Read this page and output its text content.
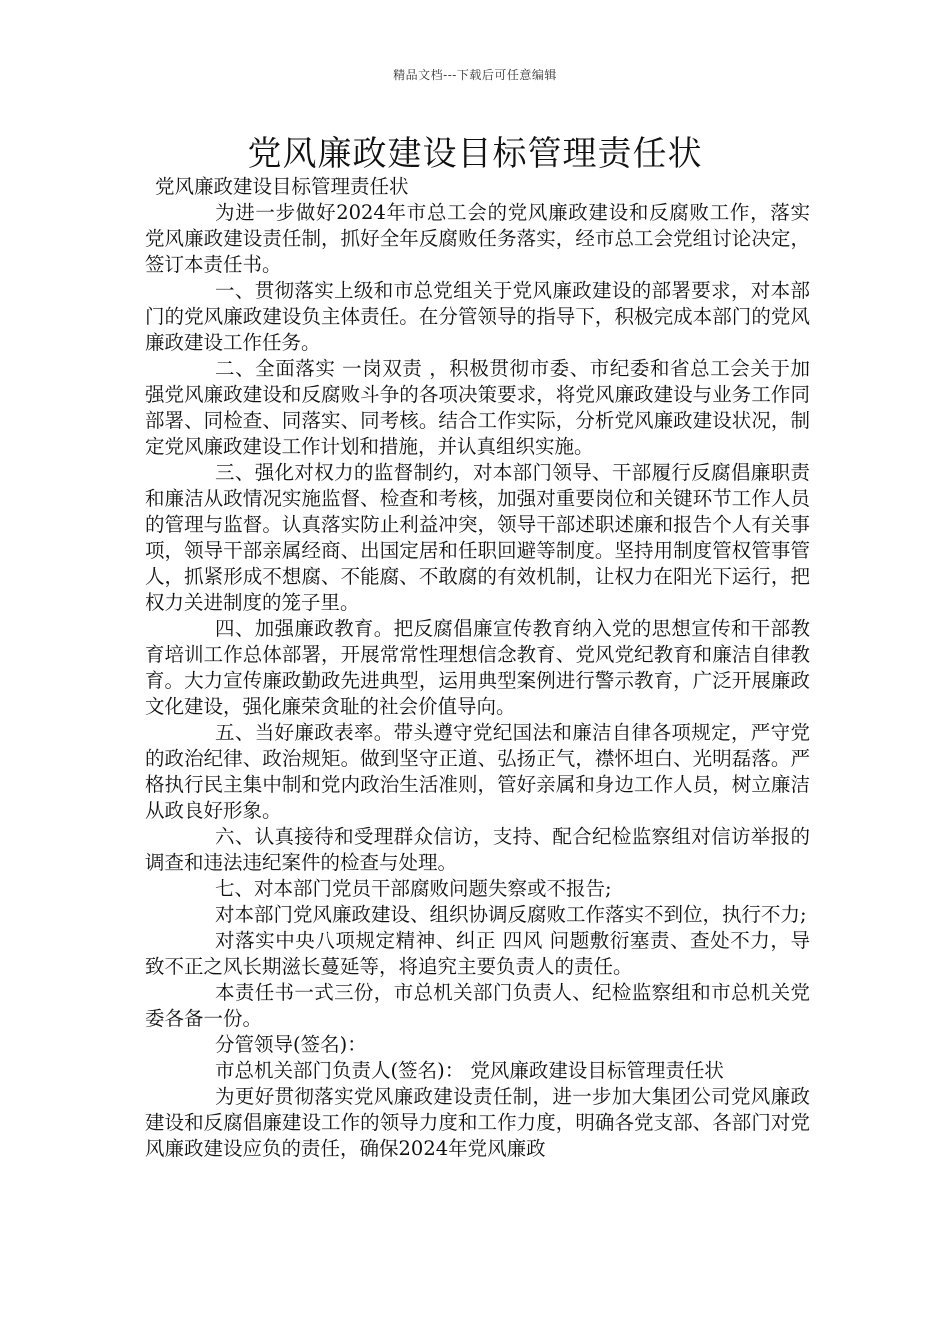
精品文档---下载后可任意编辑
党风廉政建设目标管理责任状
党风廉政建设目标管理责任状

为进一步做好2024年市总工会的党风廉政建设和反腐败工作，落实党风廉政建设责任制，抓好全年反腐败任务落实，经市总工会党组讨论决定，签订本责任书。

一、贯彻落实上级和市总党组关于党风廉政建设的部署要求，对本部门的党风廉政建设负主体责任。在分管领导的指导下，积极完成本部门的党风廉政建设工作任务。

二、全面落实 一岗双责 ，积极贯彻市委、市纪委和省总工会关于加强党风廉政建设和反腐败斗争的各项决策要求，将党风廉政建设与业务工作同部署、同检查、同落实、同考核。结合工作实际，分析党风廉政建设状况，制定党风廉政建设工作计划和措施，并认真组织实施。

三、强化对权力的监督制约，对本部门领导、干部履行反腐倡廉职责和廉洁从政情况实施监督、检查和考核，加强对重要岗位和关键环节工作人员的管理与监督。认真落实防止利益冲突，领导干部述职述廉和报告个人有关事项，领导干部亲属经商、出国定居和任职回避等制度。坚持用制度管权管事管人，抓紧形成不想腐、不能腐、不敢腐的有效机制，让权力在阳光下运行，把权力关进制度的笼子里。

四、加强廉政教育。把反腐倡廉宣传教育纳入党的思想宣传和干部教育培训工作总体部署，开展常常性理想信念教育、党风党纪教育和廉洁自律教育。大力宣传廉政勤政先进典型，运用典型案例进行警示教育，广泛开展廉政文化建设，强化廉荣贪耻的社会价值导向。

五、当好廉政表率。带头遵守党纪国法和廉洁自律各项规定，严守党的政治纪律、政治规矩。做到坚守正道、弘扬正气，襟怀坦白、光明磊落。严格执行民主集中制和党内政治生活准则，管好亲属和身边工作人员，树立廉洁从政良好形象。

六、认真接待和受理群众信访，支持、配合纪检监察组对信访举报的调查和违法违纪案件的检查与处理。

七、对本部门党员干部腐败问题失察或不报告;

对本部门党风廉政建设、组织协调反腐败工作落实不到位，执行不力;

对落实中央八项规定精神、纠正 四风 问题敷衍塞责、查处不力，导致不正之风长期滋长蔓延等，将追究主要负责人的责任。

本责任书一式三份，市总机关部门负责人、纪检监察组和市总机关党委各备一份。

分管领导(签名)：

市总机关部门负责人(签名)： 党风廉政建设目标管理责任状

为更好贯彻落实党风廉政建设责任制，进一步加大集团公司党风廉政建设和反腐倡廉建设工作的领导力度和工作力度，明确各党支部、各部门对党风廉政建设应负的责任，确保2024年党风廉政
